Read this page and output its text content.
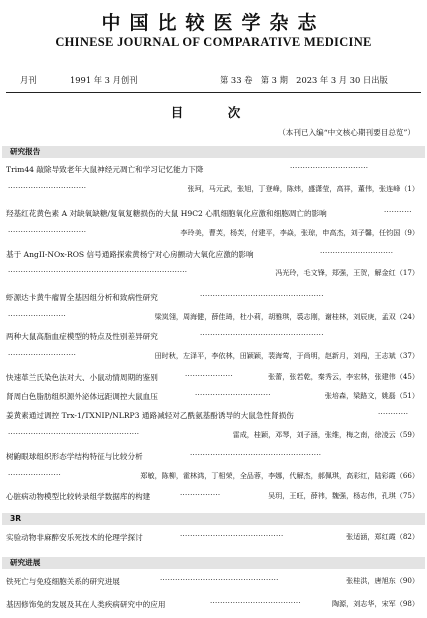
中国比较医学杂志
CHINESE JOURNAL OF COMPARATIVE MEDICINE
月刊	1991 年 3 月创刊	第 33 卷　第 3 期　2023 年 3 月 30 日出版
目　次
（本刊已入编“中文核心期刊要目总览”）
研究报告
Trim44 敲除导致老年大鼠神经元凋亡和学习记忆能力下降	·······························
张珂，马元武，张旭，丁登峰，陈炜，盛潇莹，高祥，董伟，张连峰（1）
·······························
羟基红花黄色素 A 对缺氧缺糖/复氧复糖损伤的大鼠 H9C2 心肌细胞氧化应激和细胞凋亡的影响	···········
李玲美，曹芙，杨芙，付建平，李焱，张琼，申高杰，刘子馨，任钧国（9）
·······························
基于 AngII-NOx-ROS 信号通路探索黄杨宁对心房颤动大氧化应激的影响	·····························
冯光玲，毛文锋，郑强，王贺，解金红（17）
·······································································
虾源达卡黄牛瘤胃全基因组分析和致病性研究	·················································
梁岚翎，周海健，薛佳琦，杜小莉，胡雅琪，裘志刚，谢桂林，刘辰庚，孟双（24）
·······················
两种大鼠高脂血症模型的特点及性别差异研究	·················································
田时秋，左泽平，李依林，田颖颖，裴海莺，于尚明，赵新月，刘闯，王志斌（37）
···························
快速革兰氏染色法对大、小鼠动情周期的鉴别	···················	张蕾，张若乾，秦秀云，李宏林，张建伟（45）
肾周白色脂肪组织源外泌体远距调控大鼠血压	······························	张培森，梁路文，姚磊（51）
姜黄素通过调控 Trx-1/TXNIP/NLRP3 通路减轻对乙酰氨基酚诱导的大鼠急性肾损伤	············
雷成，桂颖，邓琴，刘子涵，张维，梅之南，徐凌云（59）
····················································
树鼩眼球组织形态学结构特征与比较分析	····················································
郑敏，陈柳，霍林鸿，丁相荣，全品蓉，李娜，代解杰，郝佩琪，高彩红，陆彩霞（66）
·····················
心脏病动物模型比较转录组学数据库的构建	················	吴玥，王旺，薛祎，魏强，杨志伟，孔琪（75）
3R
实验动物非麻醉安乐死技术的伦理学探讨	·········································	张适涵，郑红霞（82）
研究进展
铁死亡与免疫细胞关系的研究进展	···············································	张桂洪，唐旭东（90）
基因修饰兔的发展及其在人类疾病研究中的应用	····································	陶源，刘志华，宋军（98）
